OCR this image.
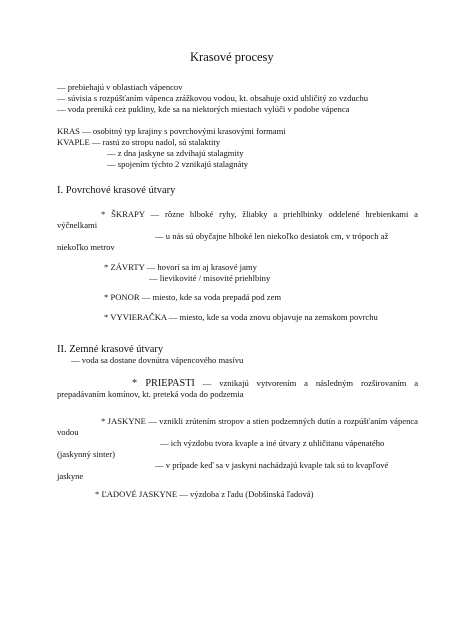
Krasové procesy
— prebiehajú v oblastiach vápencov
— súvisia s rozpúšťaním vápenca zrážkovou vodou, kt. obsahuje oxid uhličitý zo vzduchu
— voda preniká cez pukliny, kde sa na niektorých miestach vylúči v podobe vápenca
KRAS — osobitný typ krajiny s povrchovými krasovými formami
KVAPLE — rastú zo stropu nadol, sú stalaktity
— z dna jaskyne sa zdvihajú stalagmity
— spojením týchto 2 vznikajú stalagnáty
I. Povrchové krasové útvary
* ŠKRAPY — rôzne hlboké ryhy, žliabky a priehlbinky oddelené hrebienkami a výčnelkami
— u nás sú obyčajne hlboké len niekoľko desiatok cm, v trópoch až
niekoľko metrov
* ZÁVRTY — hovorí sa im aj krasové jamy
— lievikovité / misovité priehlbiny
* PONOR — miesto, kde sa voda prepadá pod zem
* VYVIERAČKA — miesto, kde sa voda znovu objavuje na zemskom povrchu
II. Zemné krasové útvary
— voda sa dostane dovnútra vápencového masívu
* PRIEPASTI — vznikajú vytvorením a následným rozširovaním a prepadávaním komínov, kt. preteká voda do podzemia
* JASKYNE — vznikli zrútením stropov a stien podzemných dutín a rozpúšťaním vápenca vodou
— ich výzdobu tvora kvaple a iné útvary z uhličitanu vápenatého
(jaskynný sinter)
— v prípade keď sa v jaskyni nachádzajú kvaple tak sú to kvapľové
jaskyne
* ĽADOVÉ JASKYNE — výzdoba z ľadu (Dobšinská ľadová)
